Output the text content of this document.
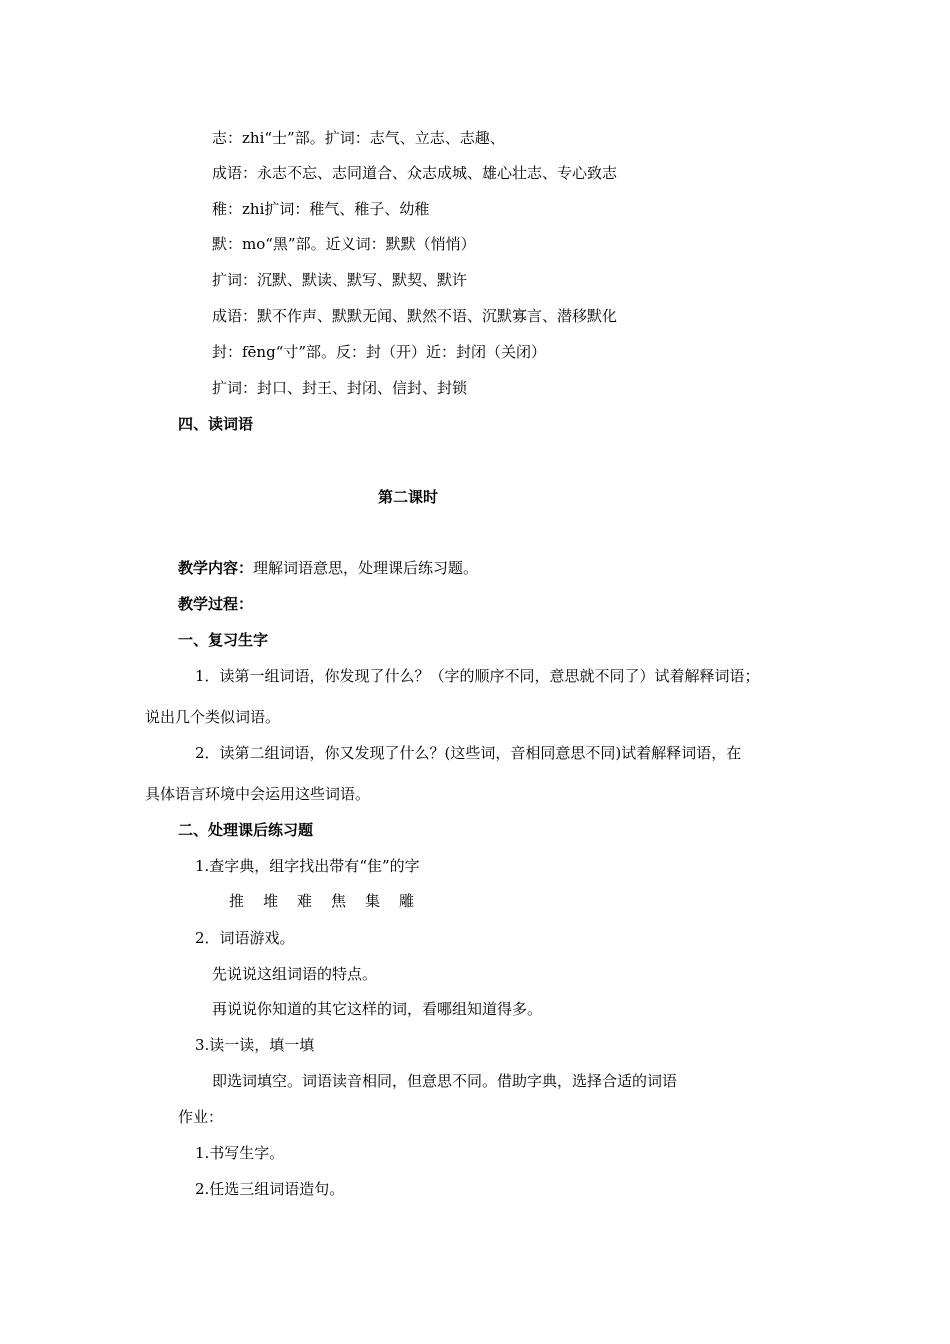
志：zhi“士”部。扩词：志气、立志、志趣、
成语：永志不忘、志同道合、众志成城、雄心壮志、专心致志
稚：zhi扩词：稚气、稚子、幼稚
默：mo“黑”部。近义词：默默（悄悄）
扩词：沉默、默读、默写、默契、默许
成语：默不作声、默默无闻、默然不语、沉默寡言、潜移默化
封：fēng“寸”部。反：封（开）近：封闭（关闭）
扩词：封口、封王、封闭、信封、封锁
四、读词语
第二课时
教学内容：理解词语意思，处理课后练习题。
教学过程：
一、复习生字
1．读第一组词语，你发现了什么？（字的顺序不同，意思就不同了）试着解释词语；
说出几个类似词语。
2．读第二组词语，你又发现了什么？(这些词，音相同意思不同)试着解释词语，在
具体语言环境中会运用这些词语。
二、处理课后练习题
1.查字典，组字找出带有“隹”的字
推 堆 难 焦 集 雕
2．词语游戏。
先说说这组词语的特点。
再说说你知道的其它这样的词，看哪组知道得多。
3.读一读，填一填
即选词填空。词语读音相同，但意思不同。借助字典，选择合适的词语
作业：
1.书写生字。
2.任选三组词语造句。
